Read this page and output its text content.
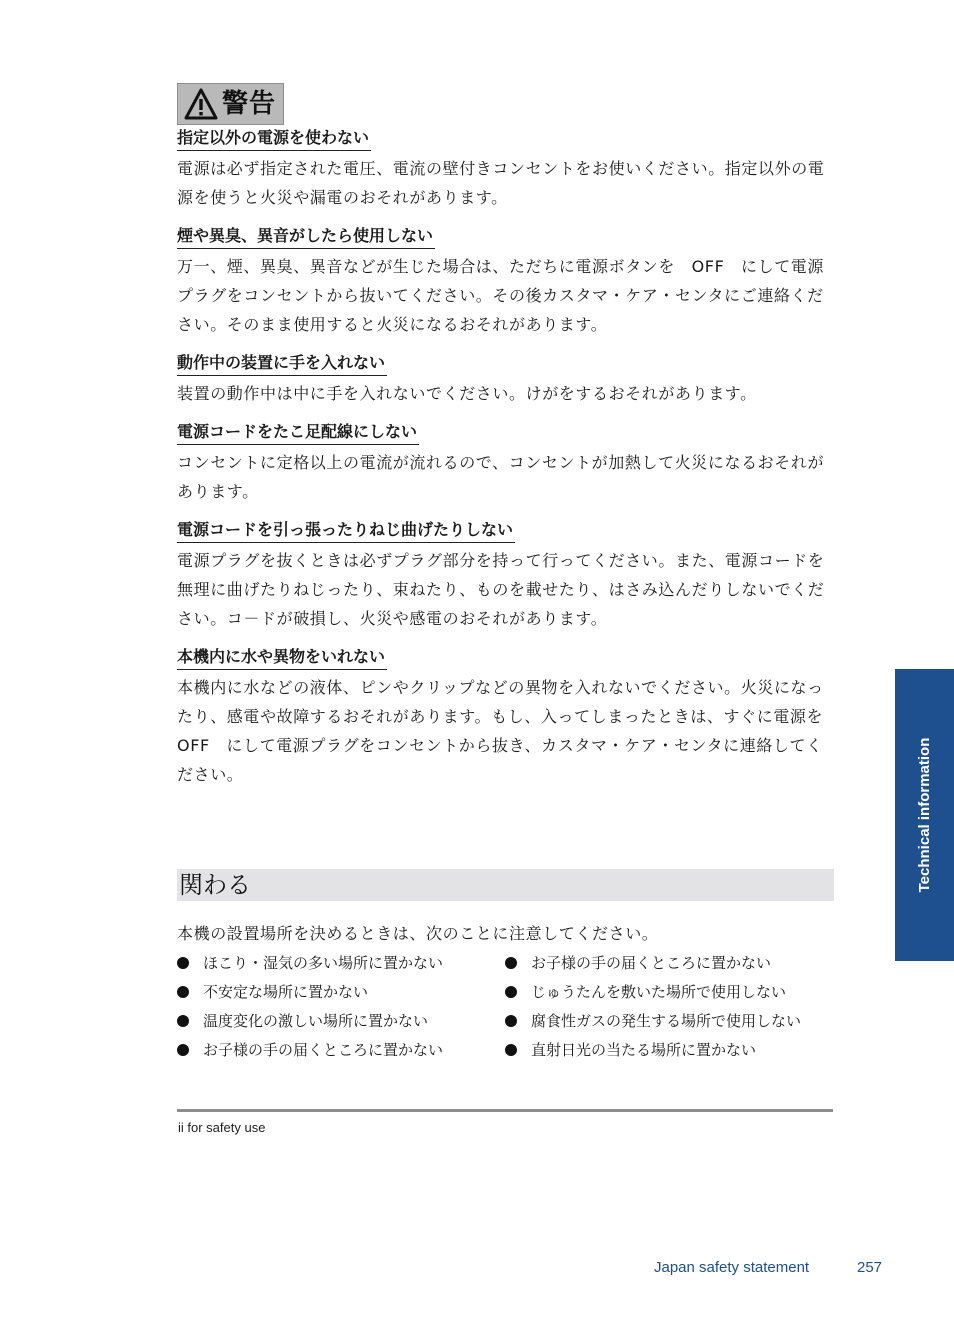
警告
指定以外の電源を使わない

電源は必ず指定された電圧、電流の壁付きコンセントをお使いください。指定以外の電源を使うと火災や漏電のおそれがあります。

煙や異臭、異音がしたら使用しない

万一、煙、異臭、異音などが生じた場合は、ただちに電源ボタンを　OFF　にして電源プラグをコンセントから抜いてください。その後カスタマ・ケア・センタにご連絡ください。そのまま使用すると火災になるおそれがあります。

動作中の装置に手を入れない

装置の動作中は中に手を入れないでください。けがをするおそれがあります。

電源コードをたこ足配線にしない

コンセントに定格以上の電流が流れるので、コンセントが加熱して火災になるおそれがあります。

電源コードを引っ張ったりねじ曲げたりしない

電源プラグを抜くときは必ずプラグ部分を持って行ってください。また、電源コードを無理に曲げたりねじったり、束ねたり、ものを載せたり、はさみ込んだりしないでください。コ－ドが破損し、火災や感電のおそれがあります。

本機内に水や異物をいれない

本機内に水などの液体、ピンやクリップなどの異物を入れないでください。火災になったり、感電や故障するおそれがあります。もし、入ってしまったときは、すぐに電源を　OFF　にして電源プラグをコンセントから抜き、カスタマ・ケア・センタに連絡してください。

関わる

本機の設置場所を決めるときは、次のことに注意してください。

ほこり・湿気の多い場所に置かない
不安定な場所に置かない
温度変化の激しい場所に置かない
お子様の手の届くところに置かない
お子様の手の届くところに置かない
じゅうたんを敷いた場所で使用しない
腐食性ガスの発生する場所で使用しない
直射日光の当たる場所に置かない
ii for safety use
Technical information
Japan safety statement	257
